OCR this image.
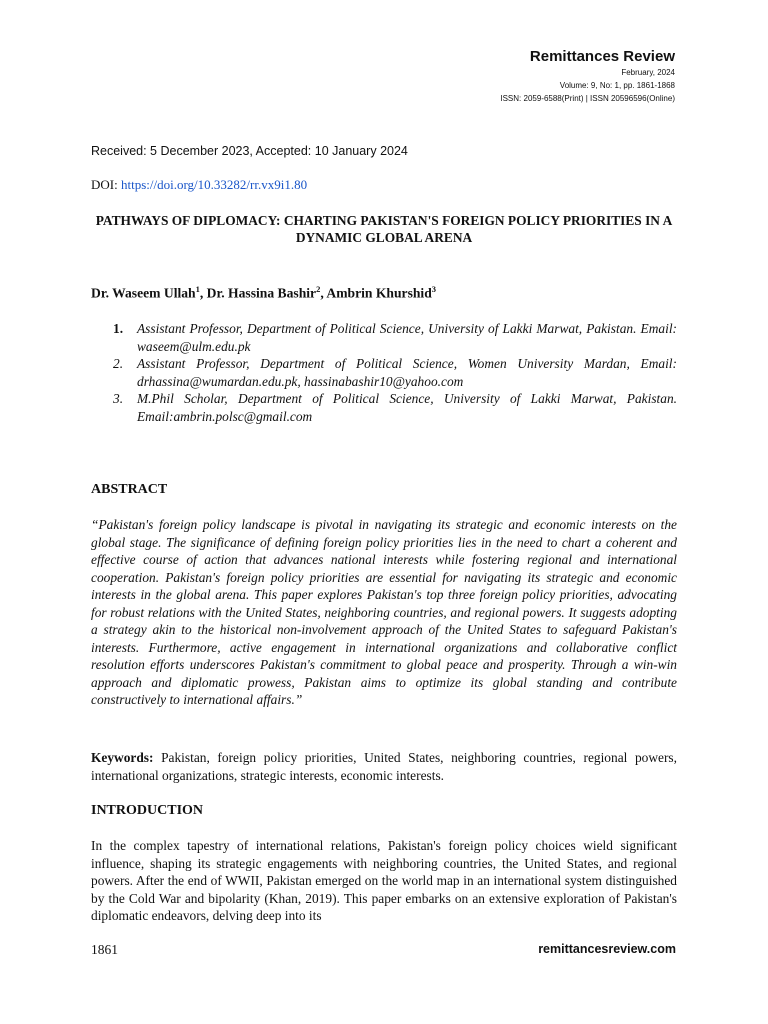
Remittances Review
February, 2024
Volume: 9, No: 1, pp. 1861-1868
ISSN: 2059-6588(Print) | ISSN 20596596(Online)
Received: 5 December 2023, Accepted: 10 January 2024
DOI: https://doi.org/10.33282/rr.vx9i1.80
PATHWAYS OF DIPLOMACY: CHARTING PAKISTAN'S FOREIGN POLICY PRIORITIES IN A DYNAMIC GLOBAL ARENA
Dr. Waseem Ullah$^1$, Dr. Hassina Bashir$^2$, Ambrin Khurshid$^3$
1. Assistant Professor, Department of Political Science, University of Lakki Marwat, Pakistan. Email: waseem@ulm.edu.pk
2. Assistant Professor, Department of Political Science, Women University Mardan, Email: drhassina@wumardan.edu.pk, hassinabashir10@yahoo.com
3. M.Phil Scholar, Department of Political Science, University of Lakki Marwat, Pakistan. Email:ambrin.polsc@gmail.com
ABSTRACT

“Pakistan's foreign policy landscape is pivotal in navigating its strategic and economic interests on the global stage. The significance of defining foreign policy priorities lies in the need to chart a coherent and effective course of action that advances national interests while fostering regional and international cooperation. Pakistan's foreign policy priorities are essential for navigating its strategic and economic interests in the global arena. This paper explores Pakistan's top three foreign policy priorities, advocating for robust relations with the United States, neighboring countries, and regional powers. It suggests adopting a strategy akin to the historical non-involvement approach of the United States to safeguard Pakistan's interests. Furthermore, active engagement in international organizations and collaborative conflict resolution efforts underscores Pakistan's commitment to global peace and prosperity. Through a win-win approach and diplomatic prowess, Pakistan aims to optimize its global standing and contribute constructively to international affairs.”

Keywords: Pakistan, foreign policy priorities, United States, neighboring countries, regional powers, international organizations, strategic interests, economic interests.

INTRODUCTION

In the complex tapestry of international relations, Pakistan's foreign policy choices wield significant influence, shaping its strategic engagements with neighboring countries, the United States, and regional powers. After the end of WWII, Pakistan emerged on the world map in an international system distinguished by the Cold War and bipolarity (Khan, 2019). This paper embarks on an extensive exploration of Pakistan's diplomatic endeavors, delving deep into its

1861	remittancesreview.com
